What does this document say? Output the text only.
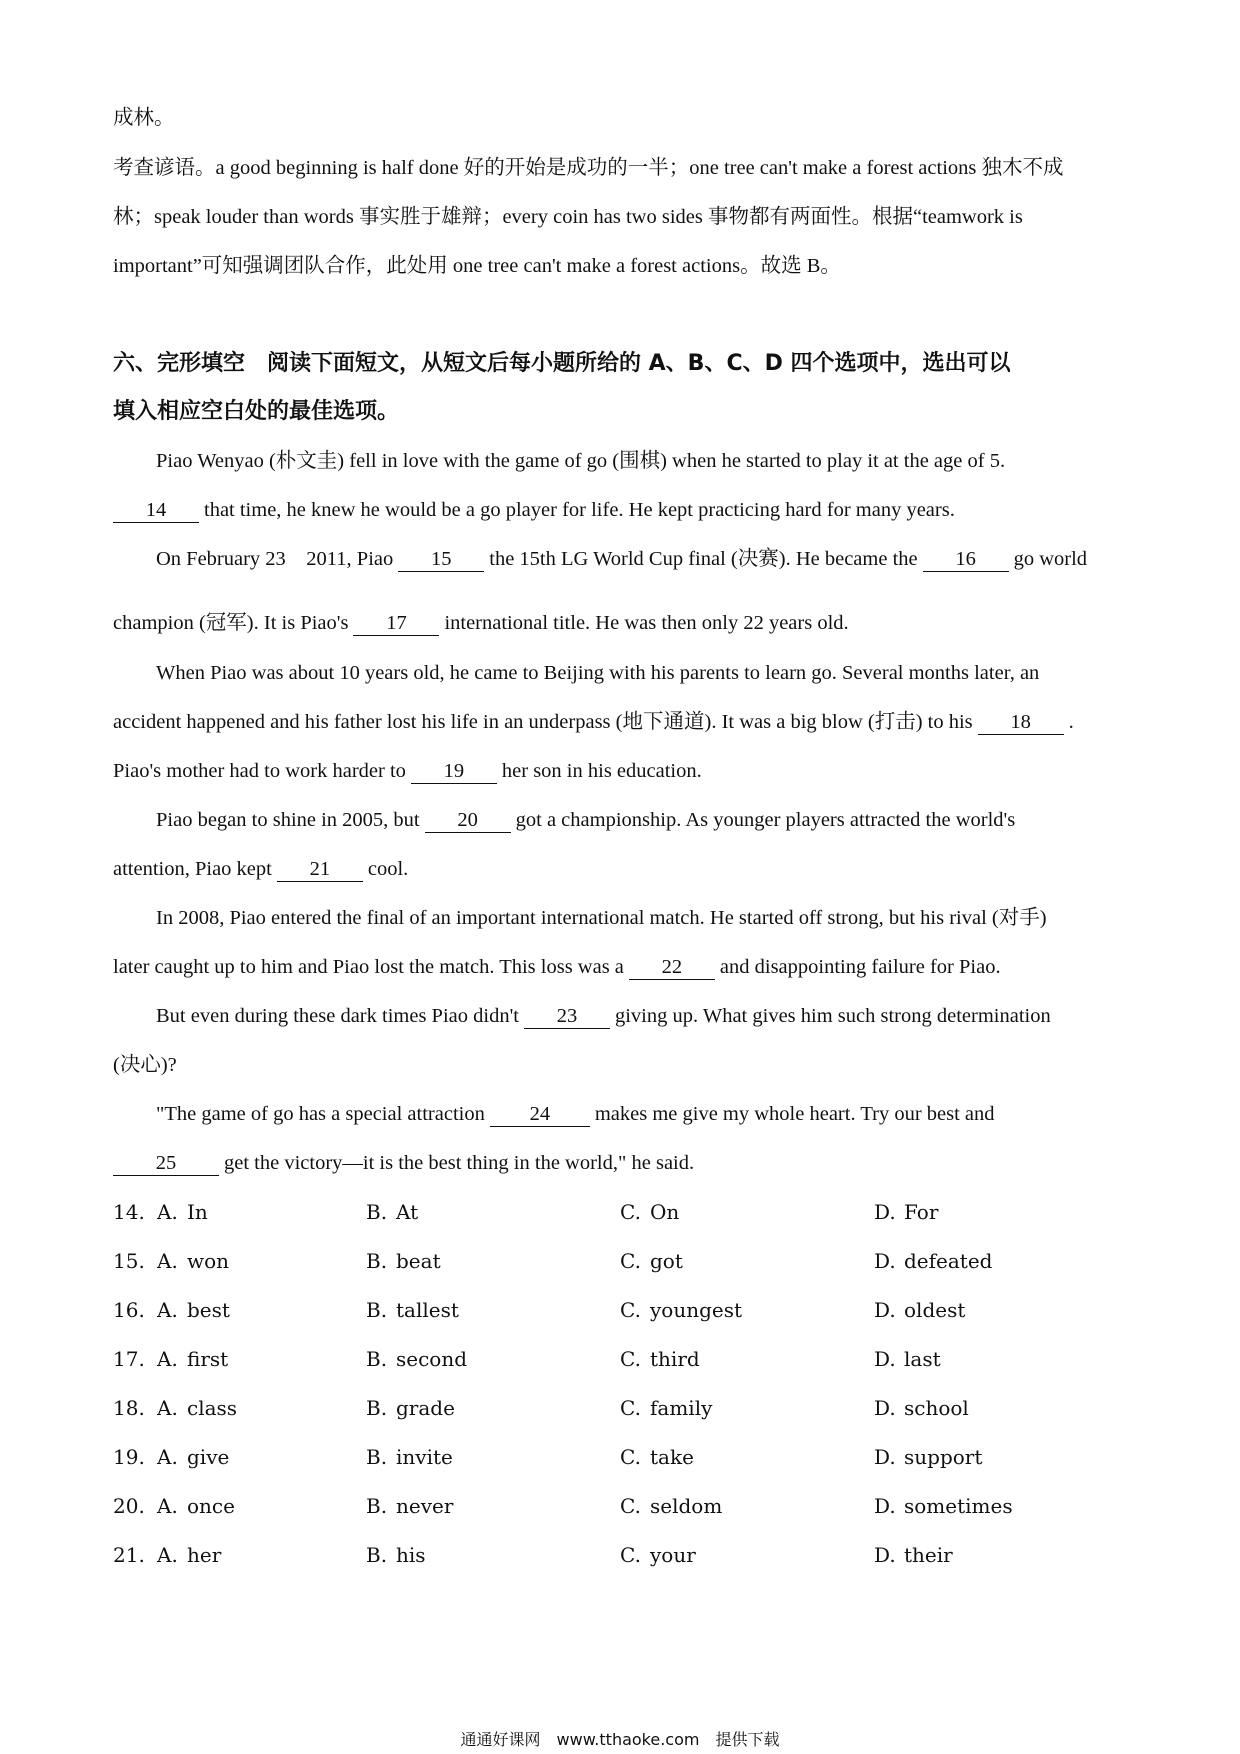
成林。
考查谚语。a good beginning is half done 好的开始是成功的一半；one tree can't make a forest actions 独木不成
林；speak louder than words 事实胜于雄辩；every coin has two sides 事物都有两面性。根据“teamwork is
important”可知强调团队合作，此处用 one tree can't make a forest actions。故选 B。
六、完形填空　阅读下面短文，从短文后每小题所给的 A、B、C、D 四个选项中，选出可以
填入相应空白处的最佳选项。
Piao Wenyao (朴文圭) fell in love with the game of go (围棋) when he started to play it at the age of 5.
14 that time, he knew he would be a go player for life. He kept practicing hard for many years.
On February 23　2011, Piao 15 the 15th LG World Cup final (决赛). He became the 16 go world
champion (冠军). It is Piao's 17 international title. He was then only 22 years old.
When Piao was about 10 years old, he came to Beijing with his parents to learn go. Several months later, an
accident happened and his father lost his life in an underpass (地下通道). It was a big blow (打击) to his 18 .
Piao's mother had to work harder to 19 her son in his education.
Piao began to shine in 2005, but 20 got a championship. As younger players attracted the world's
attention, Piao kept 21 cool.
In 2008, Piao entered the final of an important international match. He started off strong, but his rival (对手)
later caught up to him and Piao lost the match. This loss was a 22 and disappointing failure for Piao.
But even during these dark times Piao didn't 23 giving up. What gives him such strong determination
(决心)?
"The game of go has a special attraction 24 makes me give my whole heart. Try our best and
25 get the victory—it is the best thing in the world," he said.
14. A. In	B. At	C. On	D. For
15. A. won	B. beat	C. got	D. defeated
16. A. best	B. tallest	C. youngest	D. oldest
17. A. first	B. second	C. third	D. last
18. A. class	B. grade	C. family	D. school
19. A. give	B. invite	C. take	D. support
20. A. once	B. never	C. seldom	D. sometimes
21. A. her	B. his	C. your	D. their
通通好课网　www.tthaoke.com　提供下载
